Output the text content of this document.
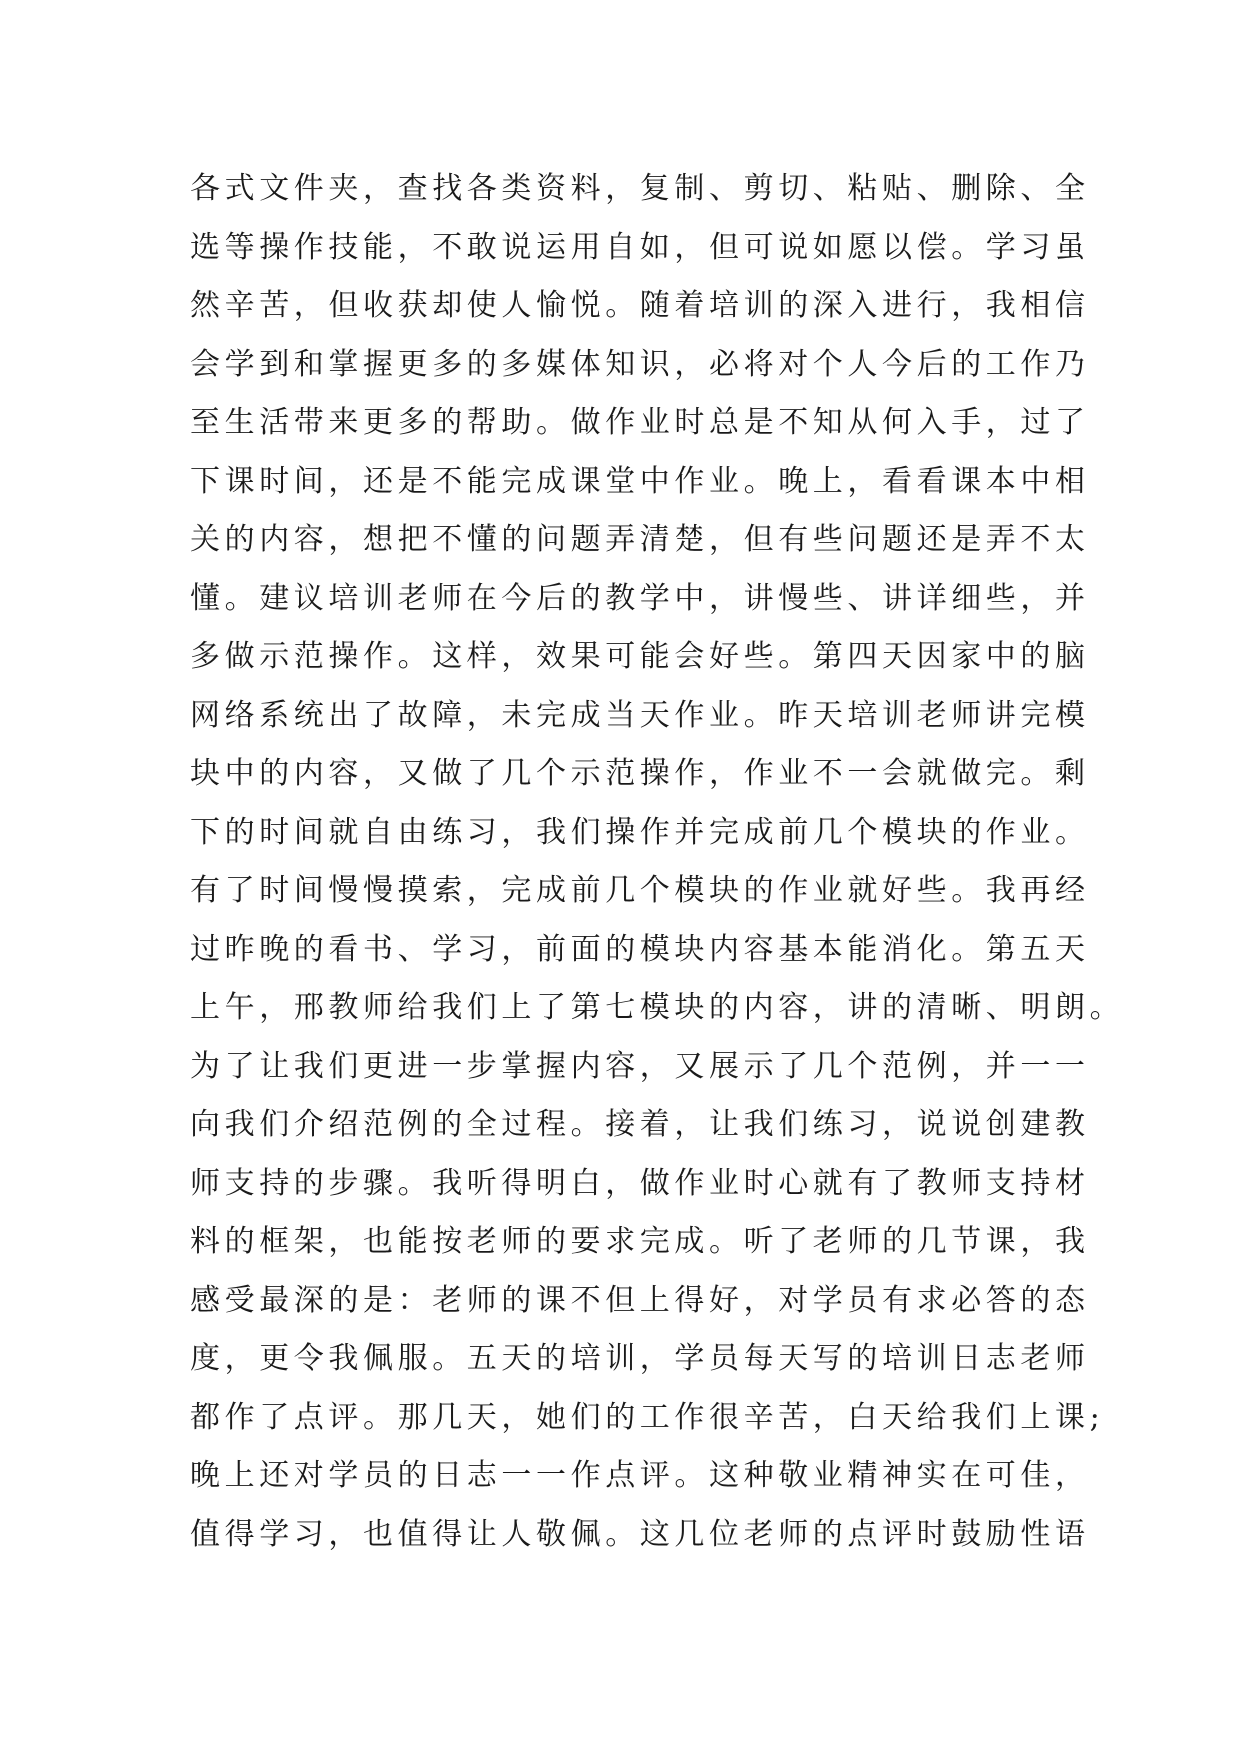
各式文件夹，查找各类资料，复制、剪切、粘贴、删除、全
选等操作技能，不敢说运用自如，但可说如愿以偿。学习虽
然辛苦，但收获却使人愉悦。随着培训的深入进行，我相信
会学到和掌握更多的多媒体知识，必将对个人今后的工作乃
至生活带来更多的帮助。做作业时总是不知从何入手，过了
下课时间，还是不能完成课堂中作业。晚上，看看课本中相
关的内容，想把不懂的问题弄清楚，但有些问题还是弄不太
懂。建议培训老师在今后的教学中，讲慢些、讲详细些，并
多做示范操作。这样，效果可能会好些。第四天因家中的脑
网络系统出了故障，未完成当天作业。昨天培训老师讲完模
块中的内容，又做了几个示范操作，作业不一会就做完。剩
下的时间就自由练习，我们操作并完成前几个模块的作业。
有了时间慢慢摸索，完成前几个模块的作业就好些。我再经
过昨晚的看书、学习，前面的模块内容基本能消化。第五天
上午，邢教师给我们上了第七模块的内容，讲的清晰、明朗。
为了让我们更进一步掌握内容，又展示了几个范例，并一一
向我们介绍范例的全过程。接着，让我们练习，说说创建教
师支持的步骤。我听得明白，做作业时心就有了教师支持材
料的框架，也能按老师的要求完成。听了老师的几节课，我
感受最深的是：老师的课不但上得好，对学员有求必答的态
度，更令我佩服。五天的培训，学员每天写的培训日志老师
都作了点评。那几天，她们的工作很辛苦，白天给我们上课;
晚上还对学员的日志一一作点评。这种敬业精神实在可佳，
值得学习，也值得让人敬佩。这几位老师的点评时鼓励性语
